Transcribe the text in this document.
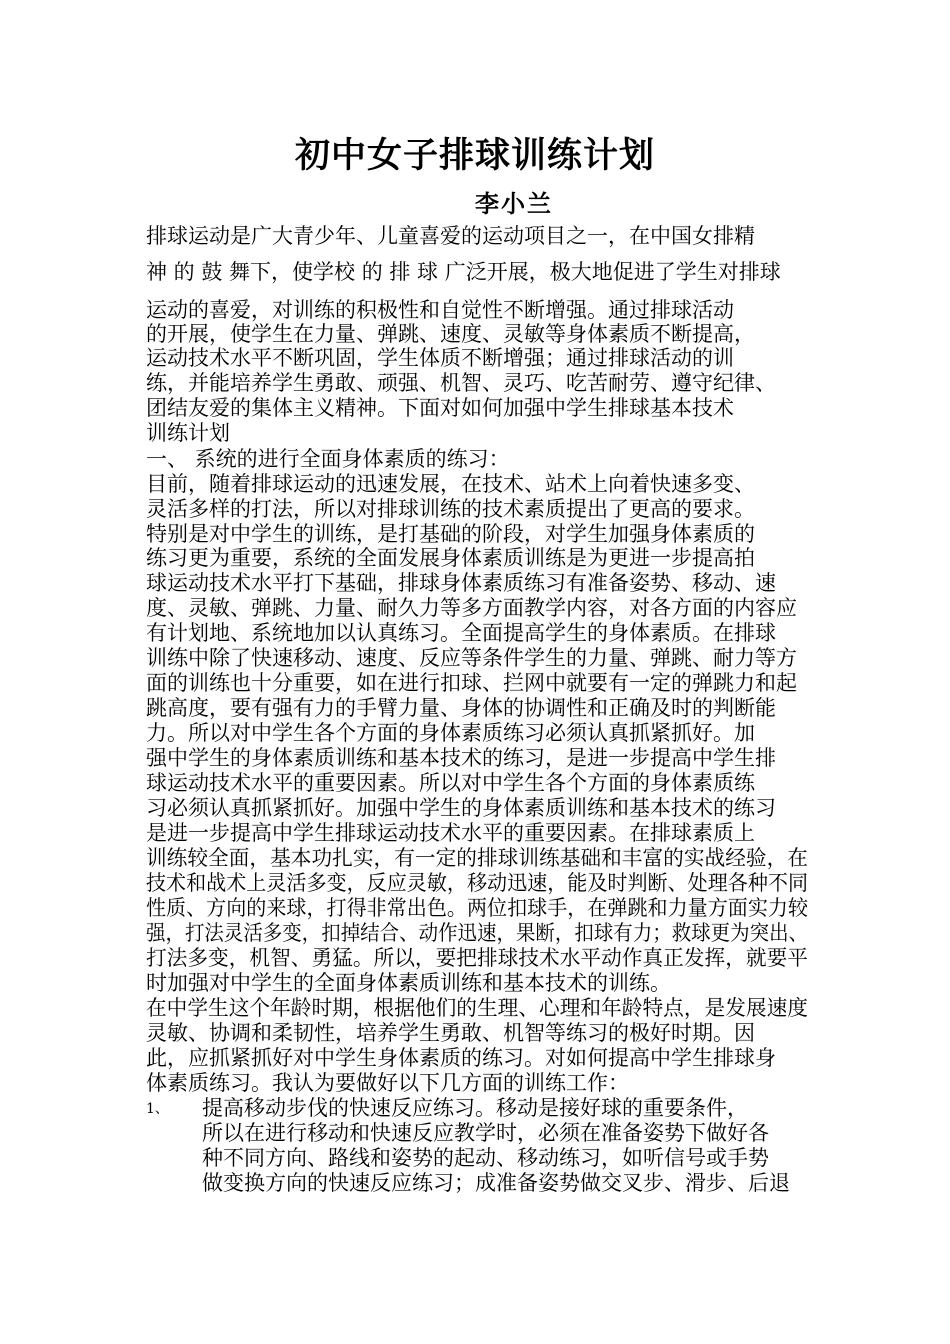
初中女子排球训练计划
李小兰
排球运动是广大青少年、儿童喜爱的运动项目之一，在中国女排精
神 的 鼓 舞下，使学校 的 排 球 广泛开展，极大地促进了学生对排球
运动的喜爱，对训练的积极性和自觉性不断增强。通过排球活动
的开展，使学生在力量、弹跳、速度、灵敏等身体素质不断提高，
运动技术水平不断巩固，学生体质不断增强；通过排球活动的训
练，并能培养学生勇敢、顽强、机智、灵巧、吃苦耐劳、遵守纪律、
团结友爱的集体主义精神。下面对如何加强中学生排球基本技术
训练计划
一、 系统的进行全面身体素质的练习：
目前，随着排球运动的迅速发展，在技术、站术上向着快速多变、
灵活多样的打法，所以对排球训练的技术素质提出了更高的要求。
特别是对中学生的训练，是打基础的阶段，对学生加强身体素质的
练习更为重要，系统的全面发展身体素质训练是为更进一步提高拍
球运动技术水平打下基础，排球身体素质练习有准备姿势、移动、速
度、灵敏、弹跳、力量、耐久力等多方面教学内容，对各方面的内容应
有计划地、系统地加以认真练习。全面提高学生的身体素质。在排球
训练中除了快速移动、速度、反应等条件学生的力量、弹跳、耐力等方
面的训练也十分重要，如在进行扣球、拦网中就要有一定的弹跳力和起
跳高度，要有强有力的手臂力量、身体的协调性和正确及时的判断能
力。所以对中学生各个方面的身体素质练习必须认真抓紧抓好。加
强中学生的身体素质训练和基本技术的练习，是进一步提高中学生排
球运动技术水平的重要因素。所以对中学生各个方面的身体素质练
习必须认真抓紧抓好。加强中学生的身体素质训练和基本技术的练习
是进一步提高中学生排球运动技术水平的重要因素。在排球素质上
训练较全面，基本功扎实，有一定的排球训练基础和丰富的实战经验，在
技术和战术上灵活多变，反应灵敏，移动迅速，能及时判断、处理各种不同
性质、方向的来球，打得非常出色。两位扣球手，在弹跳和力量方面实力较
强，打法灵活多变，扣掉结合、动作迅速，果断，扣球有力；救球更为突出、
打法多变，机智、勇猛。所以，要把排球技术水平动作真正发挥，就要平
时加强对中学生的全面身体素质训练和基本技术的训练。
在中学生这个年龄时期，根据他们的生理、心理和年龄特点，是发展速度
灵敏、协调和柔韧性，培养学生勇敢、机智等练习的极好时期。因
此，应抓紧抓好对中学生身体素质的练习。对如何提高中学生排球身
体素质练习。我认为要做好以下几方面的训练工作：
1、 提高移动步伐的快速反应练习。移动是接好球的重要条件，
所以在进行移动和快速反应教学时，必须在准备姿势下做好各
种不同方向、路线和姿势的起动、移动练习，如听信号或手势
做变换方向的快速反应练习；成准备姿势做交叉步、滑步、后退
